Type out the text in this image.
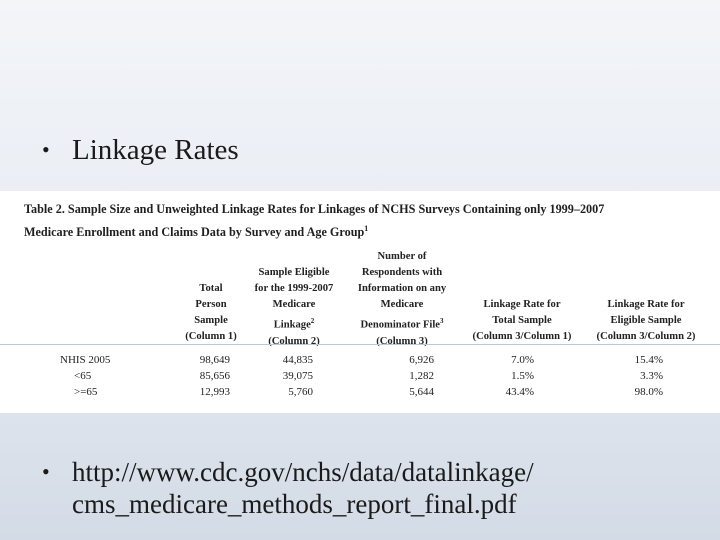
• Linkage Rates
Table 2. Sample Size and Unweighted Linkage Rates for Linkages of NCHS Surveys Containing only 1999–2007
Medicare Enrollment and Claims Data by Survey and Age Group$^1$
Total
Person
Sample
(Column 1)
Sample Eligible
for the 1999-2007
Medicare
Linkage$^2$
(Column 2)
Number of
Respondents with
Information on any
Medicare
Denominator File$^3$
(Column 3)
Linkage Rate for
Total Sample
(Column 3/Column 1)
Linkage Rate for
Eligible Sample
(Column 3/Column 2)
NHIS 2005	98,649	44,835	6,926	7.0%	15.4%
<65	85,656	39,075	1,282	1.5%	3.3%
>=65	12,993	5,760	5,644	43.4%	98.0%
• http://www.cdc.gov/nchs/data/datalinkage/
cms_medicare_methods_report_final.pdf
